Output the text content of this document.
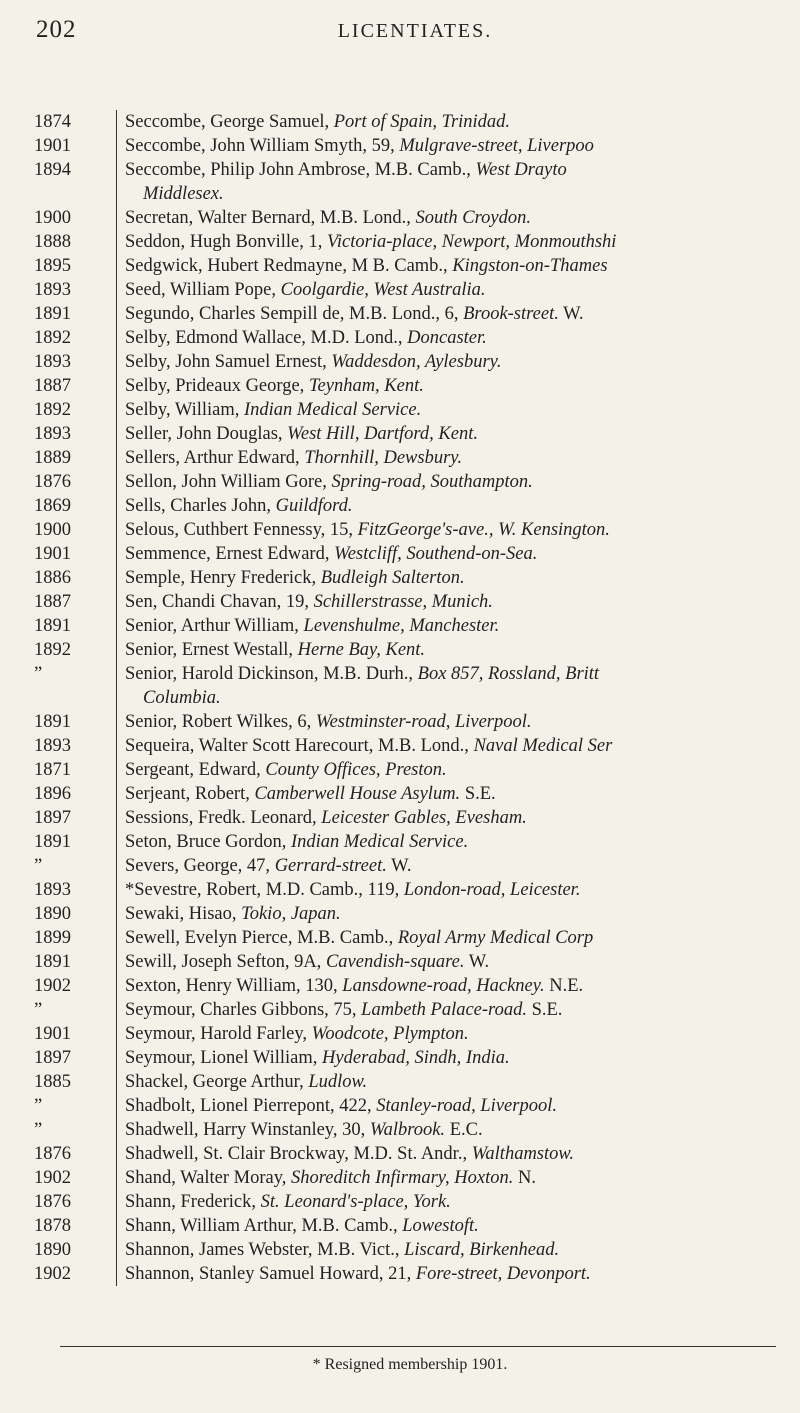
202	LICENTIATES.
1874	Seccombe, George Samuel, Port of Spain, Trinidad.
1901	Seccombe, John William Smyth, 59, Mulgrave-street, Liverpoo
1894	Seccombe, Philip John Ambrose, M.B. Camb., West Drayto
Middlesex.
1900	Secretan, Walter Bernard, M.B. Lond., South Croydon.
1888	Seddon, Hugh Bonville, 1, Victoria-place, Newport, Monmouthshi
1895	Sedgwick, Hubert Redmayne, M B. Camb., Kingston-on-Thames
1893	Seed, William Pope, Coolgardie, West Australia.
1891	Segundo, Charles Sempill de, M.B. Lond., 6, Brook-street. W.
1892	Selby, Edmond Wallace, M.D. Lond., Doncaster.
1893	Selby, John Samuel Ernest, Waddesdon, Aylesbury.
1887	Selby, Prideaux George, Teynham, Kent.
1892	Selby, William, Indian Medical Service.
1893	Seller, John Douglas, West Hill, Dartford, Kent.
1889	Sellers, Arthur Edward, Thornhill, Dewsbury.
1876	Sellon, John William Gore, Spring-road, Southampton.
1869	Sells, Charles John, Guildford.
1900	Selous, Cuthbert Fennessy, 15, FitzGeorge's-ave., W. Kensington.
1901	Semmence, Ernest Edward, Westcliff, Southend-on-Sea.
1886	Semple, Henry Frederick, Budleigh Salterton.
1887	Sen, Chandi Chavan, 19, Schillerstrasse, Munich.
1891	Senior, Arthur William, Levenshulme, Manchester.
1892	Senior, Ernest Westall, Herne Bay, Kent.
”	Senior, Harold Dickinson, M.B. Durh., Box 857, Rossland, Britt
Columbia.
1891	Senior, Robert Wilkes, 6, Westminster-road, Liverpool.
1893	Sequeira, Walter Scott Harecourt, M.B. Lond., Naval Medical Ser
1871	Sergeant, Edward, County Offices, Preston.
1896	Serjeant, Robert, Camberwell House Asylum. S.E.
1897	Sessions, Fredk. Leonard, Leicester Gables, Evesham.
1891	Seton, Bruce Gordon, Indian Medical Service.
”	Severs, George, 47, Gerrard-street. W.
1893	*Sevestre, Robert, M.D. Camb., 119, London-road, Leicester.
1890	Sewaki, Hisao, Tokio, Japan.
1899	Sewell, Evelyn Pierce, M.B. Camb., Royal Army Medical Corp
1891	Sewill, Joseph Sefton, 9A, Cavendish-square. W.
1902	Sexton, Henry William, 130, Lansdowne-road, Hackney. N.E.
”	Seymour, Charles Gibbons, 75, Lambeth Palace-road. S.E.
1901	Seymour, Harold Farley, Woodcote, Plympton.
1897	Seymour, Lionel William, Hyderabad, Sindh, India.
1885	Shackel, George Arthur, Ludlow.
”	Shadbolt, Lionel Pierrepont, 422, Stanley-road, Liverpool.
”	Shadwell, Harry Winstanley, 30, Walbrook. E.C.
1876	Shadwell, St. Clair Brockway, M.D. St. Andr., Walthamstow.
1902	Shand, Walter Moray, Shoreditch Infirmary, Hoxton. N.
1876	Shann, Frederick, St. Leonard's-place, York.
1878	Shann, William Arthur, M.B. Camb., Lowestoft.
1890	Shannon, James Webster, M.B. Vict., Liscard, Birkenhead.
1902	Shannon, Stanley Samuel Howard, 21, Fore-street, Devonport.
* Resigned membership 1901.
